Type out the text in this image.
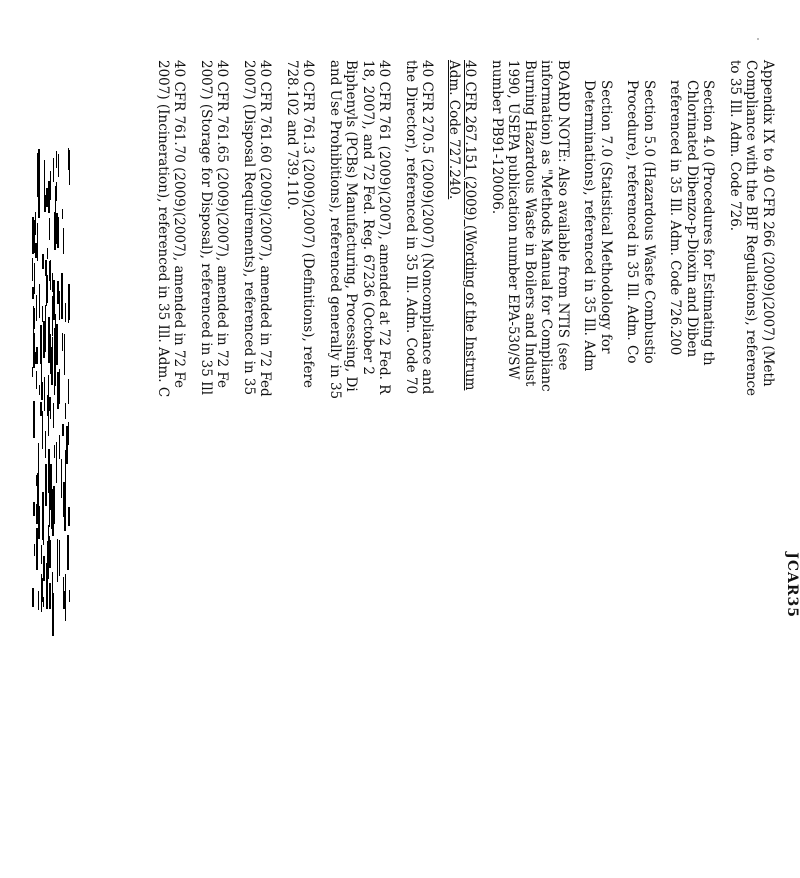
JCAR35
Appendix IX to 40 CFR 266 (2009)(2007) (Meth
Compliance with the BIF Regulations), reference
to 35 Ill. Adm. Code 726.
Section 4.0 (Procedures for Estimating th
Chlorinated Dibenzo-p-Dioxin and Diben
referenced in 35 Ill. Adm. Code 726.200
Section 5.0 (Hazardous Waste Combustio
Procedure), referenced in 35 Ill. Adm. Co
Section 7.0 (Statistical Methodology for
Determinations), referenced in 35 Ill. Adm
BOARD NOTE: Also available from NTIS (see
information) as "Methods Manual for Complianc
Burning Hazardous Waste in Boilers and Indust
1990, USEPA publication number EPA-530/SW
number PB91-120006.
40 CFR 267.151 (2009) (Wording of the Instrum
Adm. Code 727.240.
40 CFR 270.5 (2009)(2007) (Noncompliance and
the Director), referenced in 35 Ill. Adm. Code 70
40 CFR 761 (2009)(2007), amended at 72 Fed. R
18, 2007), and 72 Fed. Reg. 67236 (October 2
Biphenyls (PCBs) Manufacturing, Processing, Di
and Use Prohibitions), referenced generally in 35
40 CFR 761.3 (2009)(2007) (Definitions), refere
728.102 and 739.110.
40 CFR 761.60 (2009)(2007), amended in 72 Fed
2007) (Disposal Requirements), referenced in 35
40 CFR 761.65 (2009)(2007), amended in 72 Fe
2007) (Storage for Disposal), referenced in 35 Ill
40 CFR 761.70 (2009)(2007), amended in 72 Fe
2007) (Incineration), referenced in 35 Ill. Adm. C
